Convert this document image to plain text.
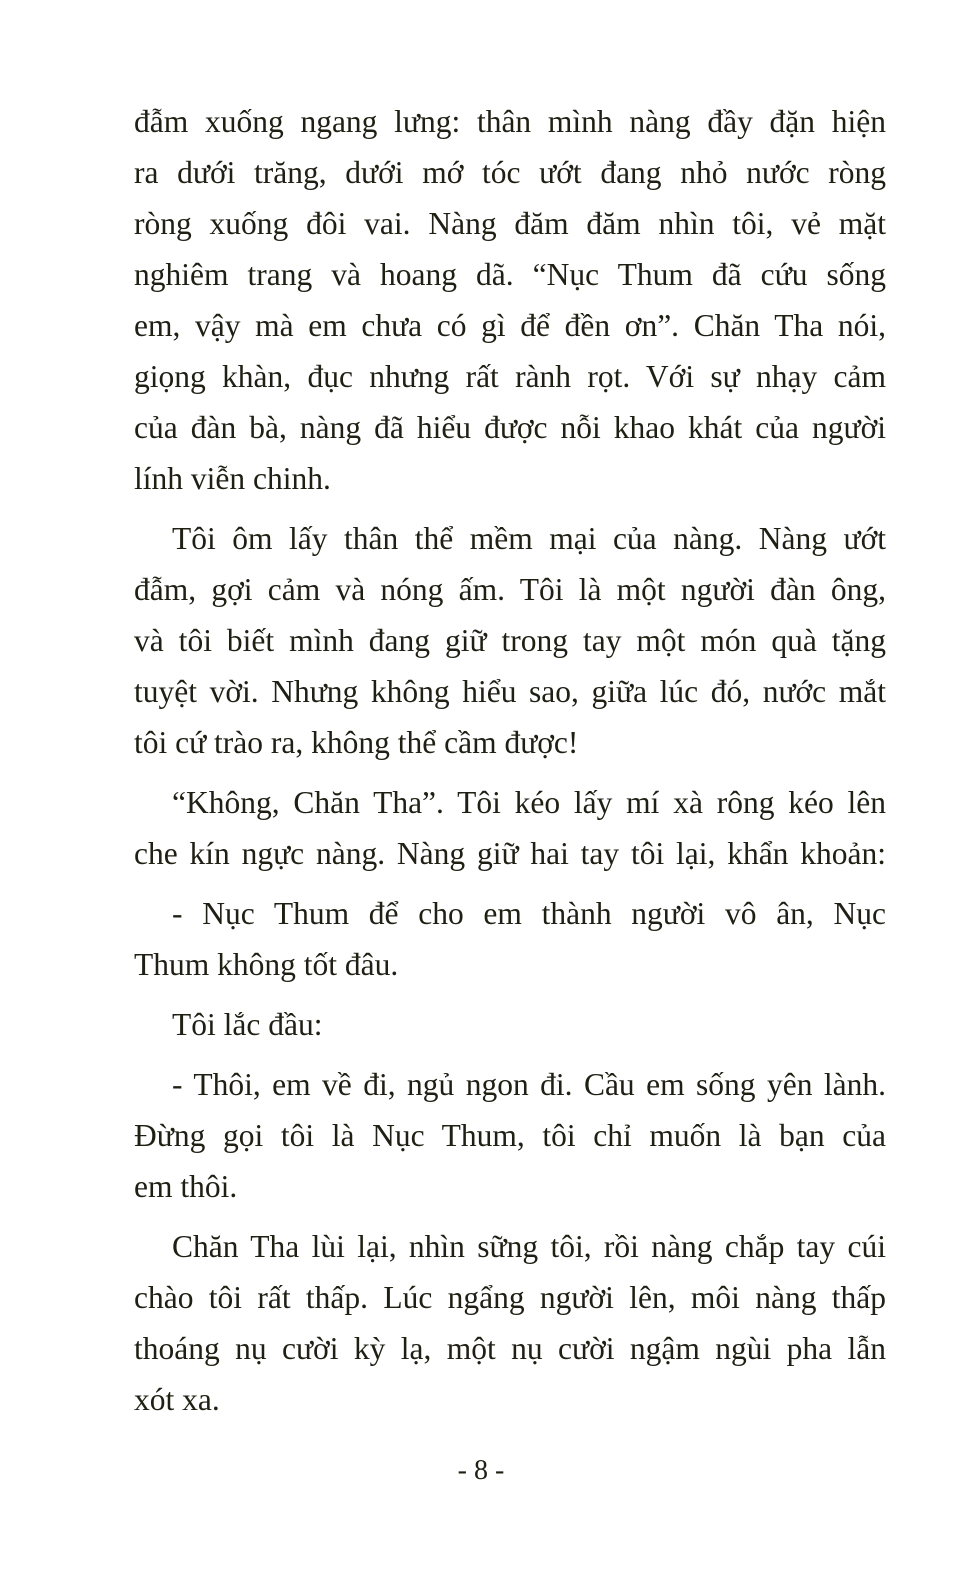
đẫm xuống ngang lưng: thân mình nàng đầy đặn hiện
ra dưới trăng, dưới mớ tóc ướt đang nhỏ nước ròng
ròng xuống đôi vai. Nàng đăm đăm nhìn tôi, vẻ mặt
nghiêm trang và hoang dã. “Nục Thum đã cứu sống
em, vậy mà em chưa có gì để đền ơn”. Chăn Tha nói,
giọng khàn, đục nhưng rất rành rọt. Với sự nhạy cảm
của đàn bà, nàng đã hiểu được nỗi khao khát của người
lính viễn chinh.
Tôi ôm lấy thân thể mềm mại của nàng. Nàng ướt
đẫm, gợi cảm và nóng ấm. Tôi là một người đàn ông,
và tôi biết mình đang giữ trong tay một món quà tặng
tuyệt vời. Nhưng không hiểu sao, giữa lúc đó, nước mắt
tôi cứ trào ra, không thể cầm được!
“Không, Chăn Tha”. Tôi kéo lấy mí xà rông kéo lên
che kín ngực nàng. Nàng giữ hai tay tôi lại, khẩn khoản:
- Nục Thum để cho em thành người vô ân, Nục
Thum không tốt đâu.
Tôi lắc đầu:
- Thôi, em về đi, ngủ ngon đi. Cầu em sống yên lành.
Đừng gọi tôi là Nục Thum, tôi chỉ muốn là bạn của
em thôi.
Chăn Tha lùi lại, nhìn sững tôi, rồi nàng chắp tay cúi
chào tôi rất thấp. Lúc ngẩng người lên, môi nàng thấp
thoáng nụ cười kỳ lạ, một nụ cười ngậm ngùi pha lẫn
xót xa.
- 8 -
